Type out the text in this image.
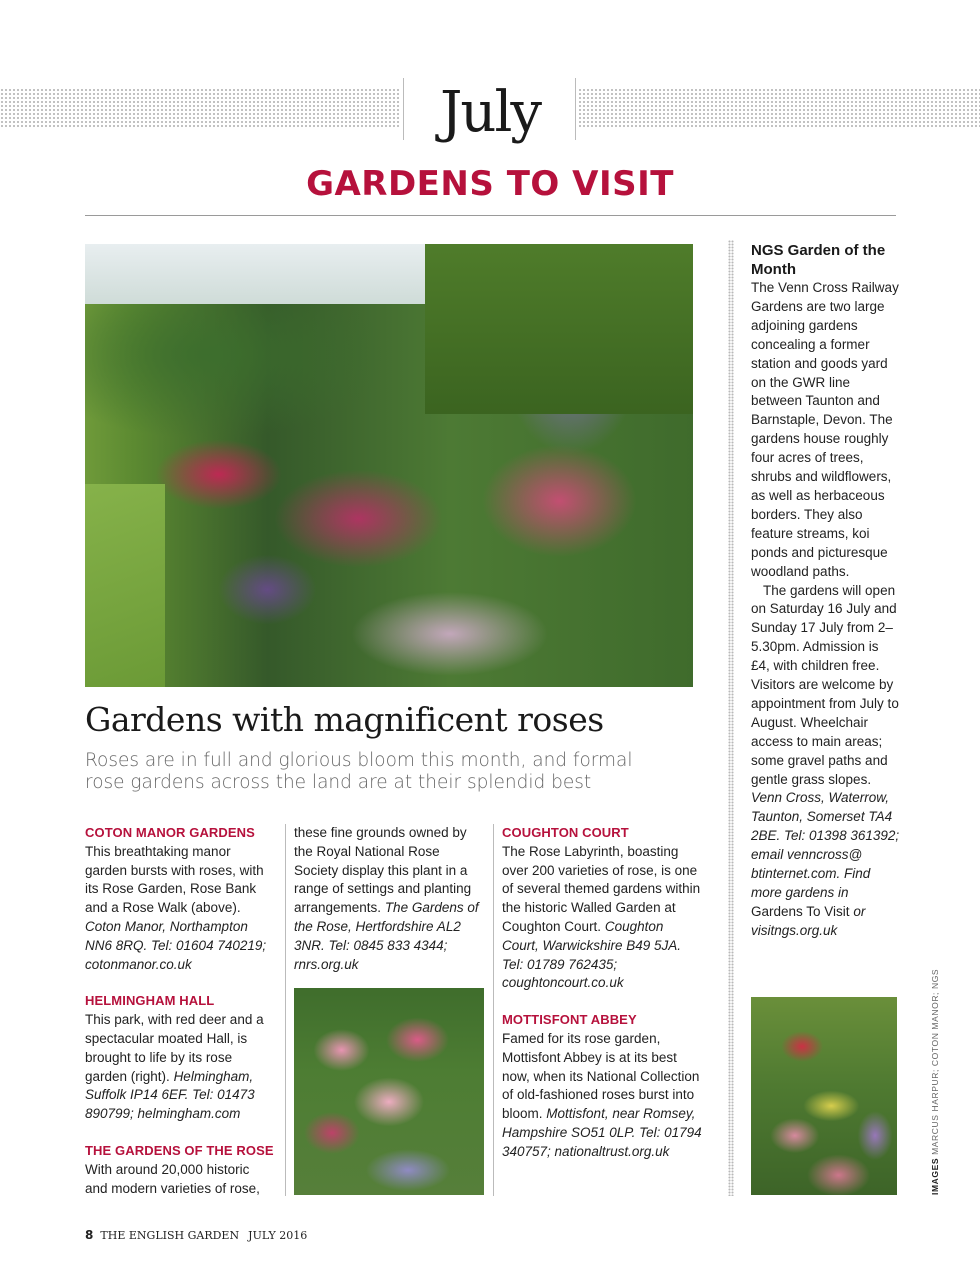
July
GARDENS TO VISIT
Gardens with magnificent roses
Roses are in full and glorious bloom this month, and formal rose gardens across the land are at their splendid best

COTON MANOR GARDENS

This breathtaking manor garden bursts with roses, with its Rose Garden, Rose Bank and a Rose Walk (above). Coton Manor, Northampton NN6 8RQ. Tel: 01604 740219; cotonmanor.co.uk

HELMINGHAM HALL

This park, with red deer and a spectacular moated Hall, is brought to life by its rose garden (right). Helmingham, Suffolk IP14 6EF. Tel: 01473 890799; helmingham.com

THE GARDENS OF THE ROSE

With around 20,000 historic and modern varieties of rose,

these fine grounds owned by the Royal National Rose Society display this plant in a range of settings and planting arrangements. The Gardens of the Rose, Hertfordshire AL2 3NR. Tel: 0845 833 4344; rnrs.org.uk

COUGHTON COURT

The Rose Labyrinth, boasting over 200 varieties of rose, is one of several themed gardens within the historic Walled Garden at Coughton Court. Coughton Court, Warwickshire B49 5JA. Tel: 01789 762435; coughtoncourt.co.uk

MOTTISFONT ABBEY

Famed for its rose garden, Mottisfont Abbey is at its best now, when its National Collection of old-fashioned roses burst into bloom. Mottisfont, near Romsey, Hampshire SO51 0LP. Tel: 01794 340757; nationaltrust.org.uk

NGS Garden of the Month

The Venn Cross Railway Gardens are two large adjoining gardens concealing a former station and goods yard on the GWR line between Taunton and Barnstaple, Devon. The gardens house roughly four acres of trees, shrubs and wildflowers, as well as herbaceous borders. They also feature streams, koi ponds and picturesque woodland paths.

The gardens will open on Saturday 16 July and Sunday 17 July from 2–5.30pm. Admission is £4, with children free. Visitors are welcome by appointment from July to August. Wheelchair access to main areas; some gravel paths and gentle grass slopes.

Venn Cross, Waterrow, Taunton, Somerset TA4 2BE. Tel: 01398 361392; email venncross@ btinternet.com. Find more gardens in Gardens To Visit or visitngs.org.uk

IMAGES MARCUS HARPUR; COTON MANOR; NGS
8 THE ENGLISH GARDEN JULY 2016
